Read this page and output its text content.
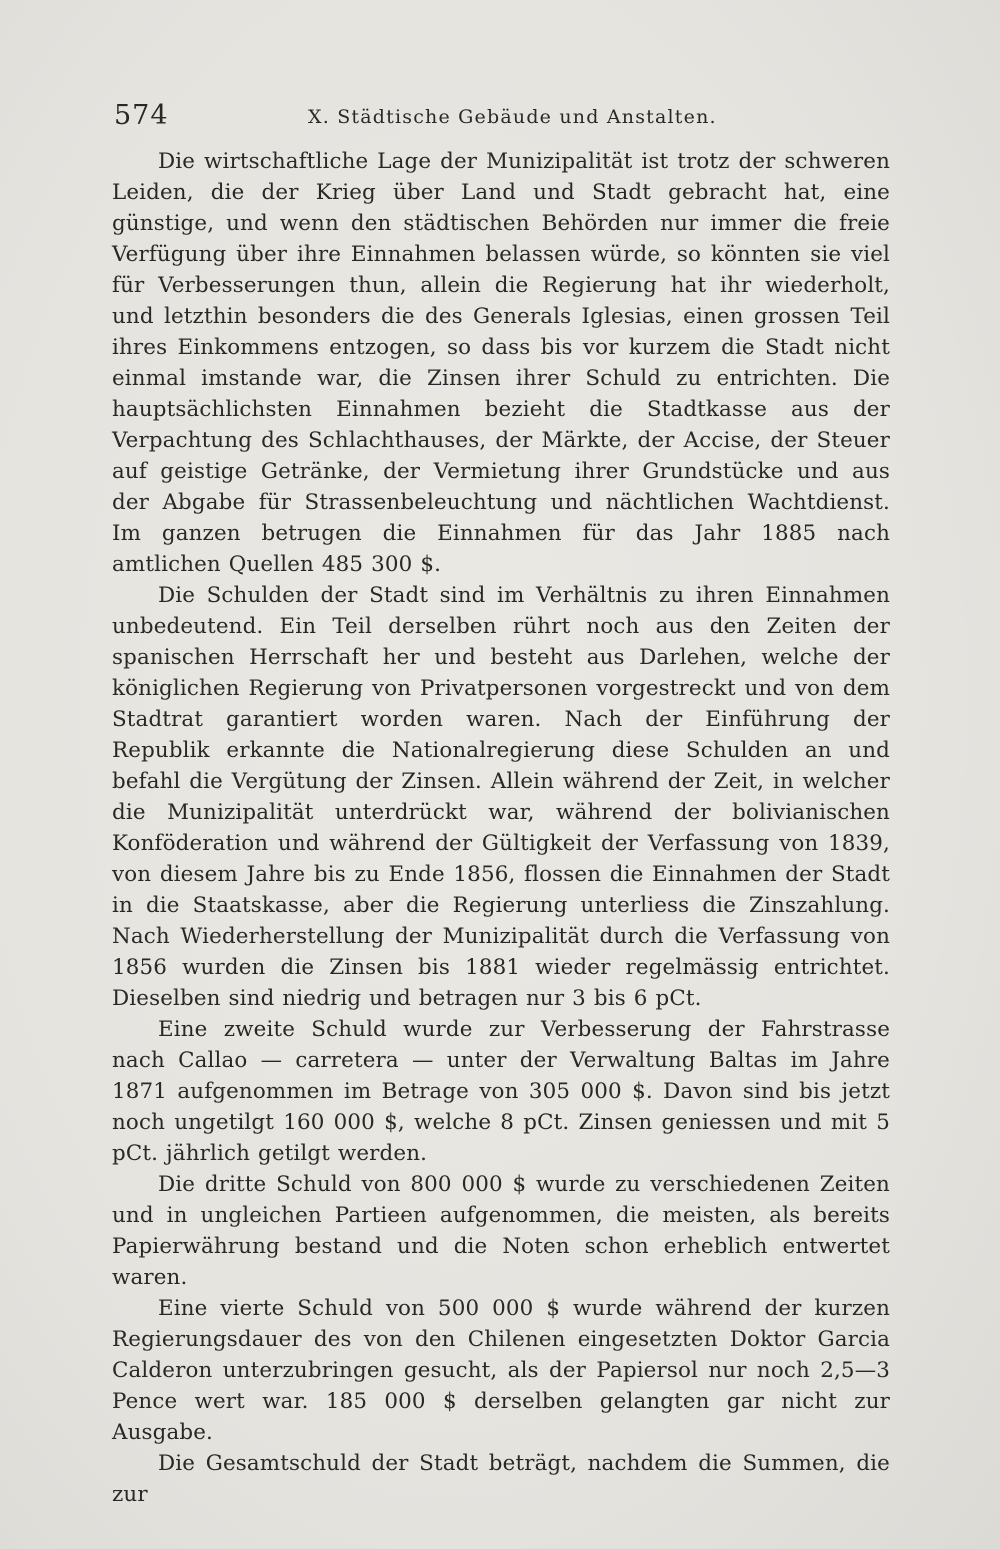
574	X. Städtische Gebäude und Anstalten.

Die wirtschaftliche Lage der Munizipalität ist trotz der schweren Leiden, die der Krieg über Land und Stadt gebracht hat, eine günstige, und wenn den städtischen Behörden nur immer die freie Verfügung über ihre Einnahmen belassen würde, so könnten sie viel für Verbesserungen thun, allein die Regierung hat ihr wiederholt, und letzthin besonders die des Generals Iglesias, einen grossen Teil ihres Einkommens entzogen, so dass bis vor kurzem die Stadt nicht einmal imstande war, die Zinsen ihrer Schuld zu entrichten. Die hauptsächlichsten Einnahmen bezieht die Stadtkasse aus der Verpachtung des Schlachthauses, der Märkte, der Accise, der Steuer auf geistige Getränke, der Vermietung ihrer Grundstücke und aus der Abgabe für Strassenbeleuchtung und nächtlichen Wachtdienst. Im ganzen betrugen die Einnahmen für das Jahr 1885 nach amtlichen Quellen 485 300 $.

Die Schulden der Stadt sind im Verhältnis zu ihren Einnahmen unbedeutend. Ein Teil derselben rührt noch aus den Zeiten der spanischen Herrschaft her und besteht aus Darlehen, welche der königlichen Regierung von Privatpersonen vorgestreckt und von dem Stadtrat garantiert worden waren. Nach der Einführung der Republik erkannte die Nationalregierung diese Schulden an und befahl die Vergütung der Zinsen. Allein während der Zeit, in welcher die Munizipalität unterdrückt war, während der bolivianischen Konföderation und während der Gültigkeit der Verfassung von 1839, von diesem Jahre bis zu Ende 1856, flossen die Einnahmen der Stadt in die Staatskasse, aber die Regierung unterliess die Zinszahlung. Nach Wiederherstellung der Munizipalität durch die Verfassung von 1856 wurden die Zinsen bis 1881 wieder regelmässig entrichtet. Dieselben sind niedrig und betragen nur 3 bis 6 pCt.

Eine zweite Schuld wurde zur Verbesserung der Fahrstrasse nach Callao — carretera — unter der Verwaltung Baltas im Jahre 1871 aufgenommen im Betrage von 305 000 $. Davon sind bis jetzt noch ungetilgt 160 000 $, welche 8 pCt. Zinsen geniessen und mit 5 pCt. jährlich getilgt werden.

Die dritte Schuld von 800 000 $ wurde zu verschiedenen Zeiten und in ungleichen Partieen aufgenommen, die meisten, als bereits Papierwährung bestand und die Noten schon erheblich entwertet waren.

Eine vierte Schuld von 500 000 $ wurde während der kurzen Regierungsdauer des von den Chilenen eingesetzten Doktor Garcia Calderon unterzubringen gesucht, als der Papiersol nur noch 2,5—3 Pence wert war. 185 000 $ derselben gelangten gar nicht zur Ausgabe.

Die Gesamtschuld der Stadt beträgt, nachdem die Summen, die zur
